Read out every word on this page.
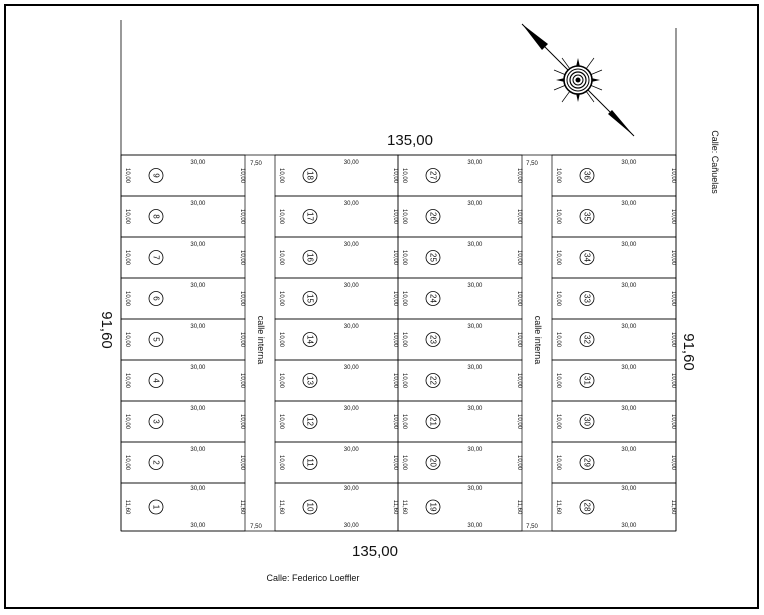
30,00
10,00	10,00
9
30,00
10,00	10,00
8
30,00
10,00	10,00
7
30,00
10,00	10,00
6
30,00
10,00	10,00
5
30,00
10,00	10,00
4
30,00
10,00	10,00
3
30,00
10,00	10,00
2
30,00
30,00
11,60	11,60
1
30,00
10,00	10,00
18
30,00
10,00	10,00
17
30,00
10,00	10,00
16
30,00
10,00	10,00
15
30,00
10,00	10,00
14
30,00
10,00	10,00
13
30,00
10,00	10,00
12
30,00
10,00	10,00
11
30,00
30,00
11,60	11,60
10
30,00
10,00	10,00
27
30,00
10,00	10,00
26
30,00
10,00	10,00
25
30,00
10,00	10,00
24
30,00
10,00	10,00
23
30,00
10,00	10,00
22
30,00
10,00	10,00
21
30,00
10,00	10,00
20
30,00
30,00
11,60	11,60
19
30,00
10,00	10,00
36
30,00
10,00	10,00
35
30,00
10,00	10,00
34
30,00
10,00	10,00
33
30,00
10,00	10,00
32
30,00
10,00	10,00
31
30,00
10,00	10,00
30
30,00
10,00	10,00
29
30,00
30,00
11,60	11,60
28
calle interna	calle interna
7,50	7,50
7,50	7,50
135,00
135,00
91,60
91,60
Calle: Cañuelas
Calle: Federico Loeffler
